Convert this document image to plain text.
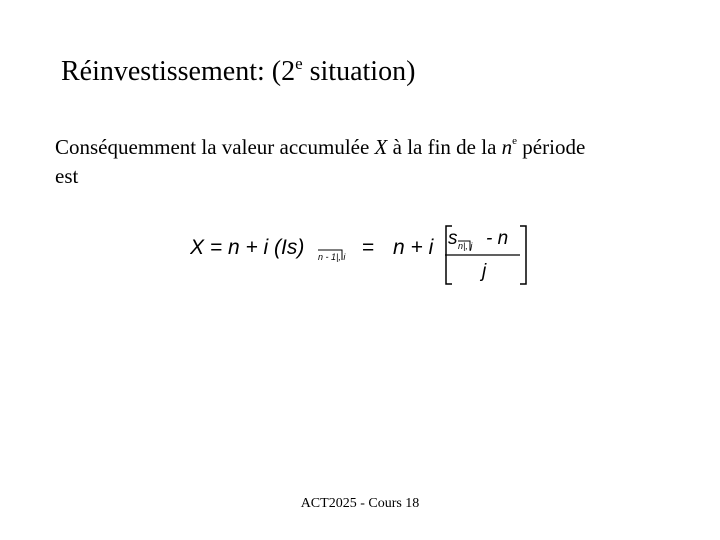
Réinvestissement: (2e situation)
Conséquemment la valeur accumulée X à la fin de la $n^e$ période
est
X = n + i (Is) n - 1|, i = n + i s n|, j - n
j
ACT2025 - Cours 18
